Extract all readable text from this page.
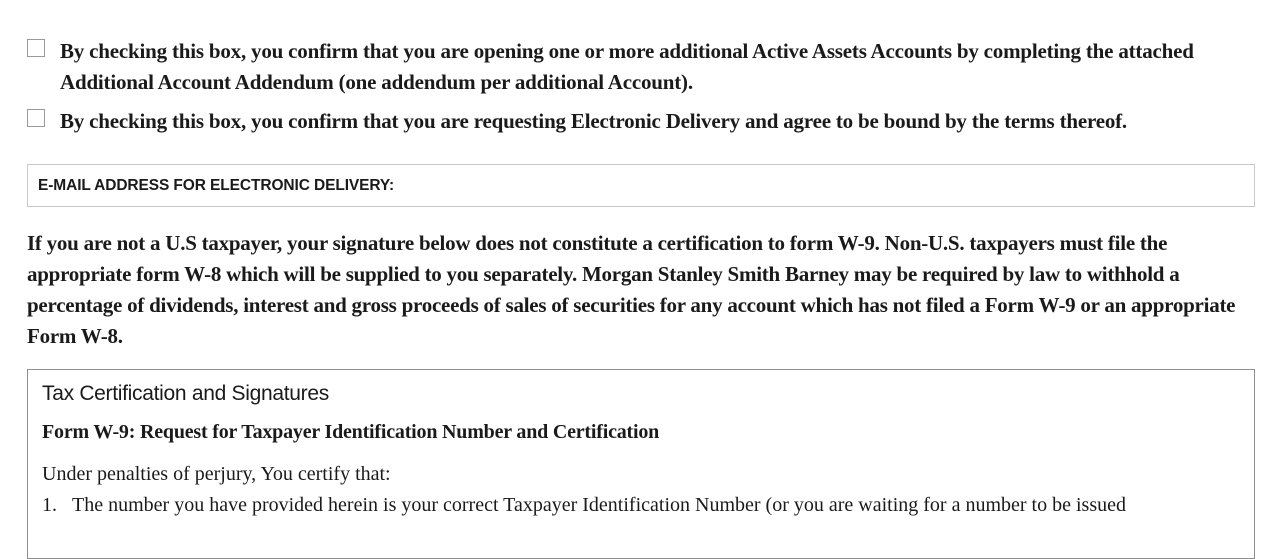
By checking this box, you confirm that you are opening one or more additional Active Assets Accounts by completing the attached Additional Account Addendum (one addendum per additional Account).
By checking this box, you confirm that you are requesting Electronic Delivery and agree to be bound by the terms thereof.
E-MAIL ADDRESS FOR ELECTRONIC DELIVERY:
If you are not a U.S taxpayer, your signature below does not constitute a certification to form W-9. Non-U.S. taxpayers must file the appropriate form W-8 which will be supplied to you separately. Morgan Stanley Smith Barney may be required by law to withhold a percentage of dividends, interest and gross proceeds of sales of securities for any account which has not filed a Form W-9 or an appropriate Form W-8.
Tax Certification and Signatures
Form W-9: Request for Taxpayer Identification Number and Certification
Under penalties of perjury, You certify that:
1. The number you have provided herein is your correct Taxpayer Identification Number (or you are waiting for a number to be issued
